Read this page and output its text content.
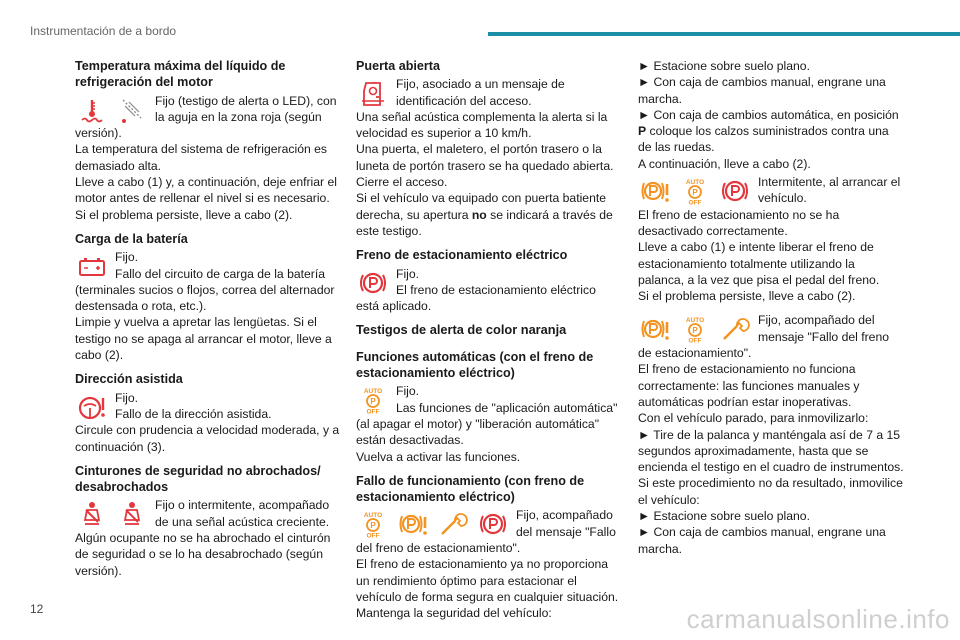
Instrumentación de a bordo
Temperatura máxima del líquido de refrigeración del motor

Fijo (testigo de alerta o LED), con la aguja en la zona roja (según versión).

La temperatura del sistema de refrigeración es demasiado alta.

Lleve a cabo (1) y, a continuación, deje enfriar el motor antes de rellenar el nivel si es necesario.

Si el problema persiste, lleve a cabo (2).

Carga de la batería

Fijo.

Fallo del circuito de carga de la batería (terminales sucios o flojos, correa del alternador destensada o rota, etc.).

Limpie y vuelva a apretar las lengüetas. Si el testigo no se apaga al arrancar el motor, lleve a cabo (2).

Dirección asistida

Fijo.

Fallo de la dirección asistida.

Circule con prudencia a velocidad moderada, y a continuación (3).

Cinturones de seguridad no abrochados/ desabrochados

Fijo o intermitente, acompañado de una señal acústica creciente.

Algún ocupante no se ha abrochado el cinturón de seguridad o se lo ha desabrochado (según versión).

Puerta abierta

Fijo, asociado a un mensaje de identificación del acceso.

Una señal acústica complementa la alerta si la velocidad es superior a 10 km/h.

Una puerta, el maletero, el portón trasero o la luneta de portón trasero se ha quedado abierta.

Cierre el acceso.

Si el vehículo va equipado con puerta batiente derecha, su apertura no se indicará a través de este testigo.

Freno de estacionamiento eléctrico

Fijo.

El freno de estacionamiento eléctrico está aplicado.

Testigos de alerta de color naranja
Funciones automáticas (con el freno de estacionamiento eléctrico)
AUTO
P
OFF

Fijo.

Las funciones de "aplicación automática" (al apagar el motor) y "liberación automática" están desactivadas.

Vuelva a activar las funciones.

Fallo de funcionamiento (con freno de estacionamiento eléctrico)
AUTO
P
OFF

Fijo, acompañado del mensaje "Fallo del freno de estacionamiento".

El freno de estacionamiento ya no proporciona un rendimiento óptimo para estacionar el vehículo de forma segura en cualquier situación.

Mantenga la seguridad del vehículo:

► Estacione sobre suelo plano.

► Con caja de cambios manual, engrane una marcha.

► Con caja de cambios automática, en posición P coloque los calzos suministrados contra una de las ruedas.

A continuación, lleve a cabo (2).

AUTO
P
OFF

Intermitente, al arrancar el vehículo.

El freno de estacionamiento no se ha desactivado correctamente.

Lleve a cabo (1) e intente liberar el freno de estacionamiento totalmente utilizando la palanca, a la vez que pisa el pedal del freno.

Si el problema persiste, lleve a cabo (2).

AUTO
P
OFF

Fijo, acompañado del mensaje "Fallo del freno de estacionamiento".

El freno de estacionamiento no funciona correctamente: las funciones manuales y automáticas podrían estar inoperativas.

Con el vehículo parado, para inmovilizarlo:

► Tire de la palanca y manténgala así de 7 a 15 segundos aproximadamente, hasta que se encienda el testigo en el cuadro de instrumentos.

Si este procedimiento no da resultado, inmovilice el vehículo:

► Estacione sobre suelo plano.

► Con caja de cambios manual, engrane una marcha.

12	carmanualsonline.info
